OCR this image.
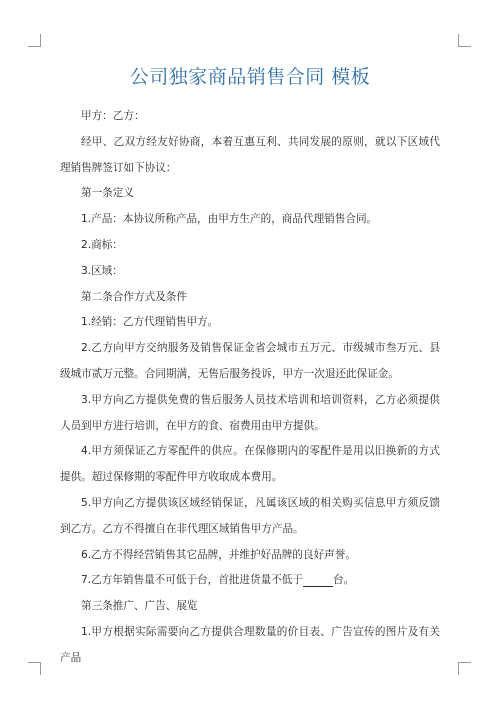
公司独家商品销售合同 模板

甲方：乙方：

经甲、乙双方经友好协商，本着互惠互利、共同发展的原则，就以下区域代理销售牌签订如下协议：

第一条定义

1.产品：本协议所称产品，由甲方生产的，商品代理销售合同。

2.商标：

3.区域：

第二条合作方式及条件

1.经销：乙方代理销售甲方。

2.乙方向甲方交纳服务及销售保证金省会城市五万元、市级城市叁万元、县级城市贰万元整。合同期满，无售后服务投诉，甲方一次退还此保证金。

3.甲方向乙方提供免费的售后服务人员技术培训和培训资料，乙方必须提供人员到甲方进行培训，在甲方的食、宿费用由甲方提供。

4.甲方须保证乙方零配件的供应。在保修期内的零配件是用以旧换新的方式提供。超过保修期的零配件甲方收取成本费用。

5.甲方向乙方提供该区域经销保证，凡属该区域的相关购买信息甲方须反馈到乙方。乙方不得擅自在非代理区域销售甲方产品。

6.乙方不得经营销售其它品牌，并维护好品牌的良好声誉。

7.乙方年销售量不可低于台，首批进货量不低于	台。

第三条推广、广告、展览

1.甲方根据实际需要向乙方提供合理数量的价目表、广告宣传的图片及有关产品
